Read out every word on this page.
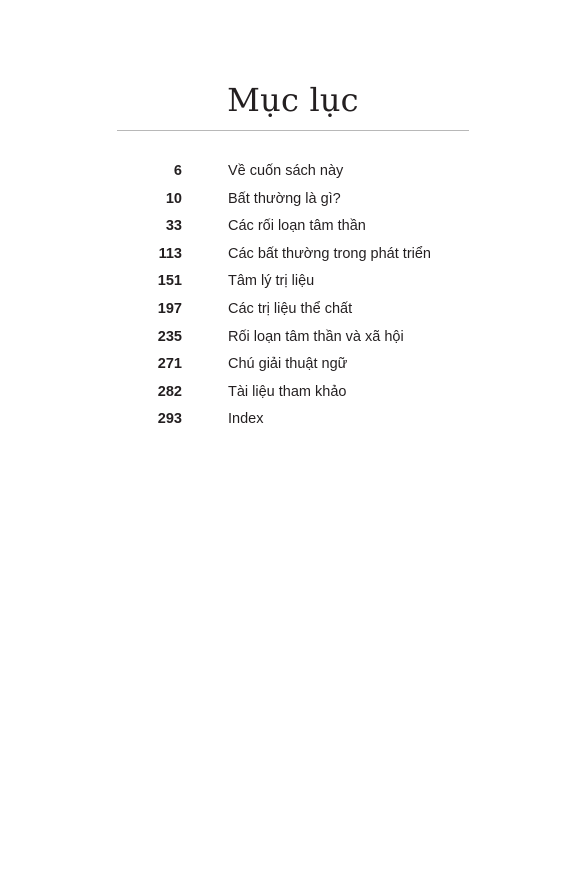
Mục lục
6	Về cuốn sách này
10	Bất thường là gì?
33	Các rối loạn tâm thần
113	Các bất thường trong phát triển
151	Tâm lý trị liệu
197	Các trị liệu thể chất
235	Rối loạn tâm thần và xã hội
271	Chú giải thuật ngữ
282	Tài liệu tham khảo
293	Index
